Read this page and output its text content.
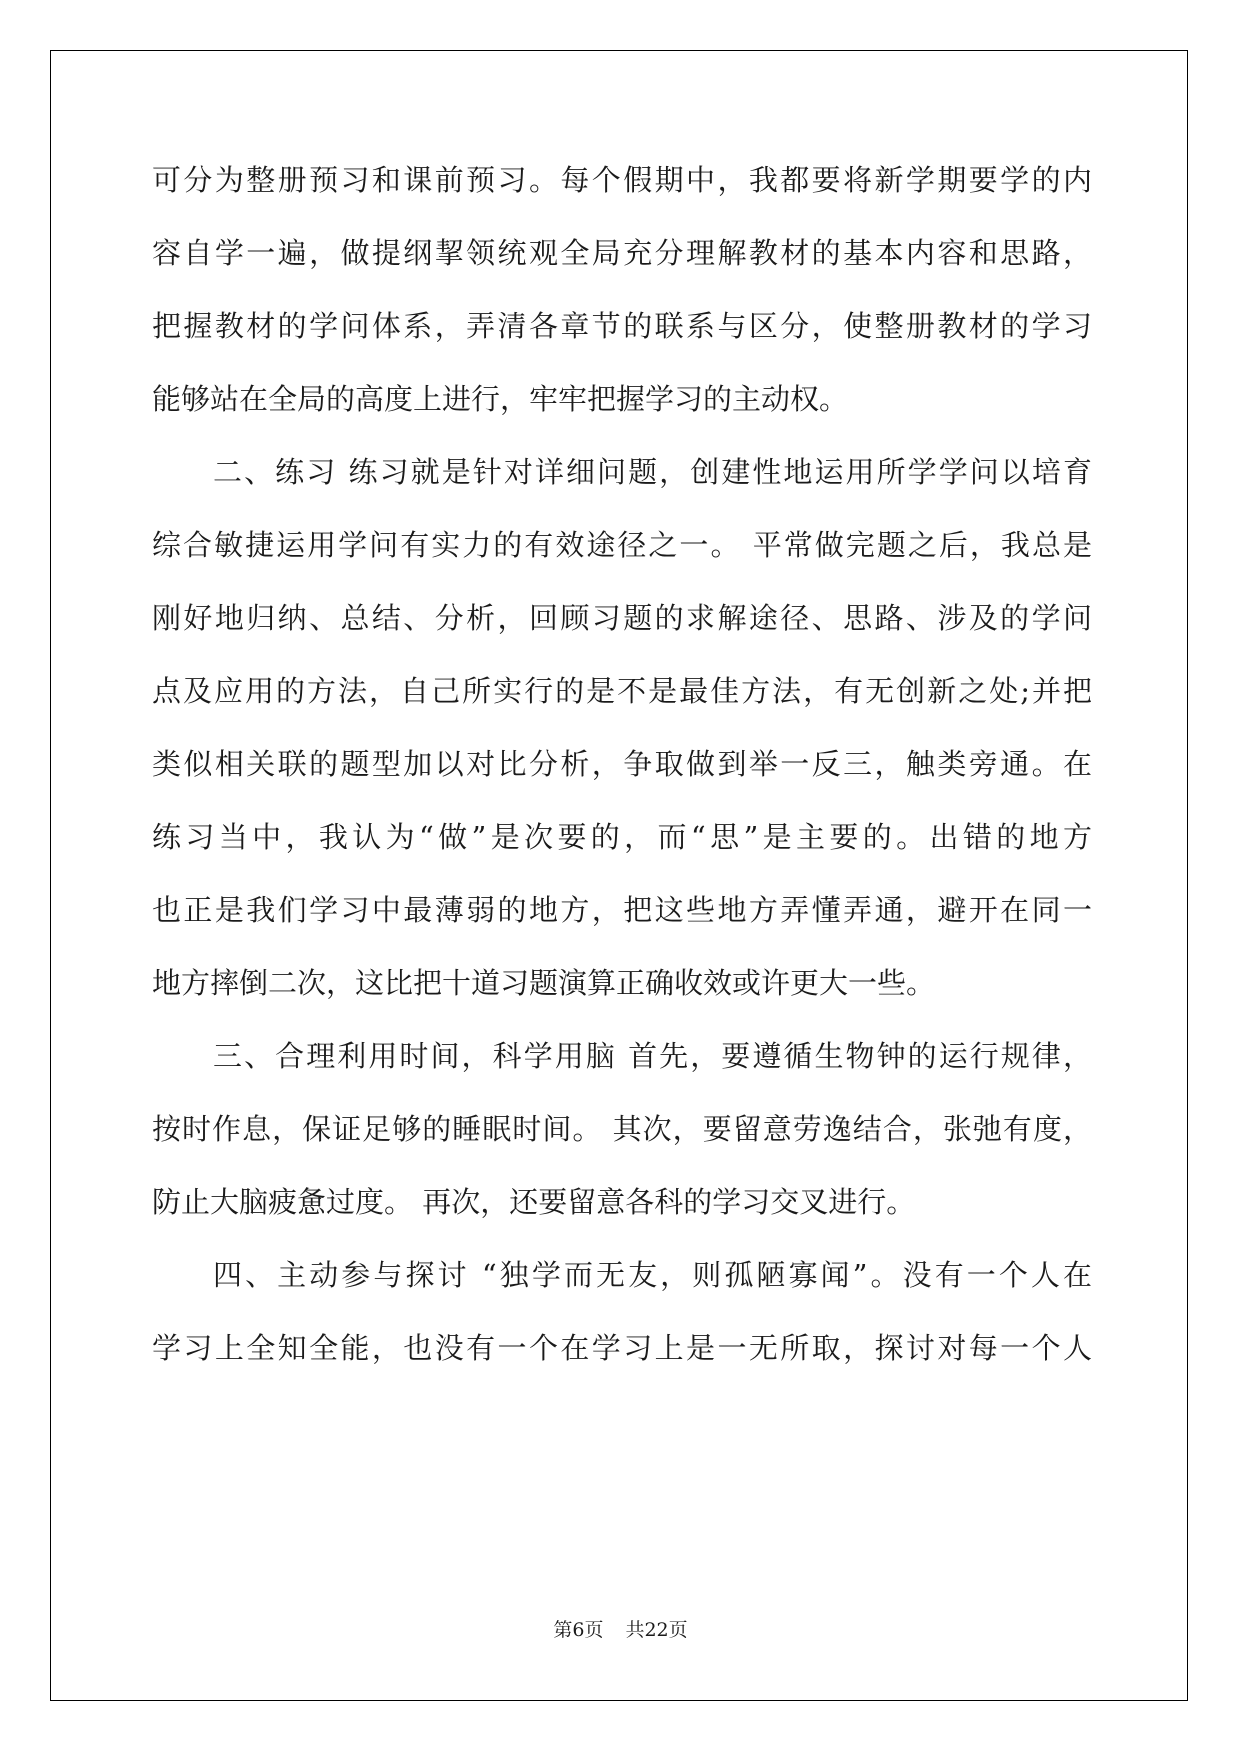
可分为整册预习和课前预习。每个假期中，我都要将新学期要学的内
容自学一遍，做提纲挈领统观全局充分理解教材的基本内容和思路，
把握教材的学问体系，弄清各章节的联系与区分，使整册教材的学习
能够站在全局的高度上进行，牢牢把握学习的主动权。
二、练习 练习就是针对详细问题，创建性地运用所学学问以培育
综合敏捷运用学问有实力的有效途径之一。 平常做完题之后，我总是
刚好地归纳、总结、分析，回顾习题的求解途径、思路、涉及的学问
点及应用的方法，自己所实行的是不是最佳方法，有无创新之处;并把
类似相关联的题型加以对比分析，争取做到举一反三，触类旁通。在
练习当中，我认为“做”是次要的，而“思”是主要的。出错的地方
也正是我们学习中最薄弱的地方，把这些地方弄懂弄通，避开在同一
地方摔倒二次，这比把十道习题演算正确收效或许更大一些。
三、合理利用时间，科学用脑 首先，要遵循生物钟的运行规律，
按时作息，保证足够的睡眠时间。 其次，要留意劳逸结合，张弛有度，
防止大脑疲惫过度。 再次，还要留意各科的学习交叉进行。
四、主动参与探讨 “独学而无友，则孤陋寡闻”。没有一个人在
学习上全知全能，也没有一个在学习上是一无所取，探讨对每一个人
第6页 共22页
